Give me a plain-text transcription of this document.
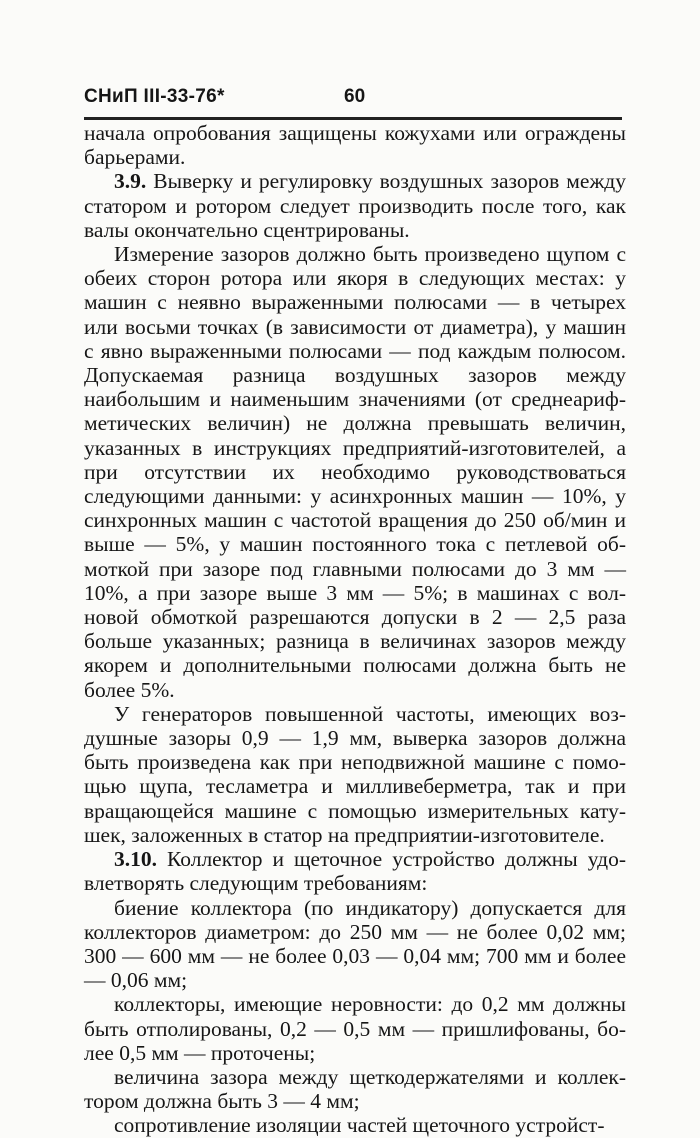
СНиП III-33-76*	60

начала опробования защищены кожухами или ограждены барьерами.

3.9. Выверку и регулировку воздушных зазоров между статором и ротором следует производить после того, как валы окончательно сцентрированы.

Измерение зазоров должно быть произведено щупом с обеих сторон ротора или якоря в следующих местах: у машин с неявно выраженными полюсами — в четырех или восьми точках (в зависимости от диаметра), у машин с явно выраженными полюсами — под каждым полюсом. Допускаемая разница воздушных зазоров между наибольшим и наименьшим значениями (от среднеарифметических величин) не должна превышать величин, указанных в инструкциях предприятий-изготовителей, а при отсутствии их необходимо руководствоваться следующими данными: у асинхронных машин — 10%, у синхронных машин с частотой вращения до 250 об/мин и выше — 5%, у машин постоянного тока с петлевой обмоткой при зазоре под главными полюсами до 3 мм — 10%, а при зазоре выше 3 мм — 5%; в машинах с волновой обмоткой разрешаются допуски в 2 — 2,5 раза больше указанных; разница в величинах зазоров между якорем и дополнительными полюсами должна быть не более 5%.

У генераторов повышенной частоты, имеющих воздушные зазоры 0,9 — 1,9 мм, выверка зазоров должна быть произведена как при неподвижной машине с помощью щупа, тесламетра и милливеберметра, так и при вращающейся машине с помощью измерительных катушек, заложенных в статор на предприятии-изготовителе.

3.10. Коллектор и щеточное устройство должны удовлетворять следующим требованиям:

биение коллектора (по индикатору) допускается для коллекторов диаметром: до 250 мм — не более 0,02 мм; 300 — 600 мм — не более 0,03 — 0,04 мм; 700 мм и более — 0,06 мм;

коллекторы, имеющие неровности: до 0,2 мм должны быть отполированы, 0,2 — 0,5 мм — пришлифованы, более 0,5 мм — проточены;

величина зазора между щеткодержателями и коллектором должна быть 3 — 4 мм;

сопротивление изоляции частей щеточного устройст-
